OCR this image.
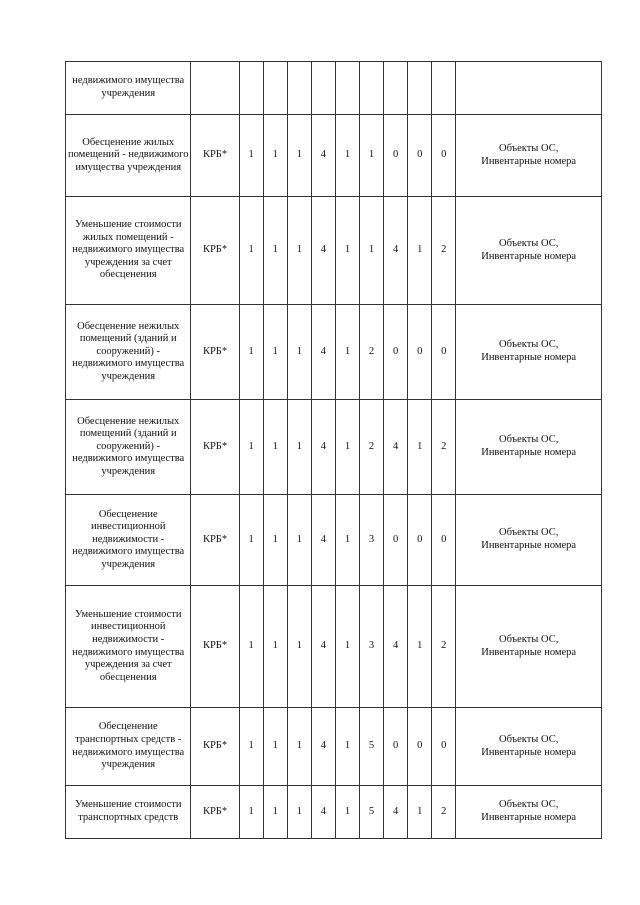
недвижимого имущества учреждения											

Обесценение жилых помещений - недвижимого имущества учреждения	КРБ*	1	1	1	4	1	1	0	0	0	Объекты ОС,
Инвентарные номера

Уменьшение стоимости жилых помещений - недвижимого имущества учреждения за счет обесценения	КРБ*	1	1	1	4	1	1	4	1	2	Объекты ОС,
Инвентарные номера

Обесценение нежилых помещений (зданий и сооружений) - недвижимого имущества учреждения	КРБ*	1	1	1	4	1	2	0	0	0	Объекты ОС,
Инвентарные номера

Обесценение нежилых помещений (зданий и сооружений) - недвижимого имущества учреждения	КРБ*	1	1	1	4	1	2	4	1	2	Объекты ОС,
Инвентарные номера

Обесценение инвестиционной недвижимости - недвижимого имущества учреждения	КРБ*	1	1	1	4	1	3	0	0	0	Объекты ОС,
Инвентарные номера

Уменьшение стоимости инвестиционной недвижимости - недвижимого имущества учреждения за счет обесценения	КРБ*	1	1	1	4	1	3	4	1	2	Объекты ОС,
Инвентарные номера

Обесценение транспортных средств - недвижимого имущества учреждения	КРБ*	1	1	1	4	1	5	0	0	0	Объекты ОС,
Инвентарные номера

Уменьшение стоимости транспортных средств	КРБ*	1	1	1	4	1	5	4	1	2	Объекты ОС,
Инвентарные номера
